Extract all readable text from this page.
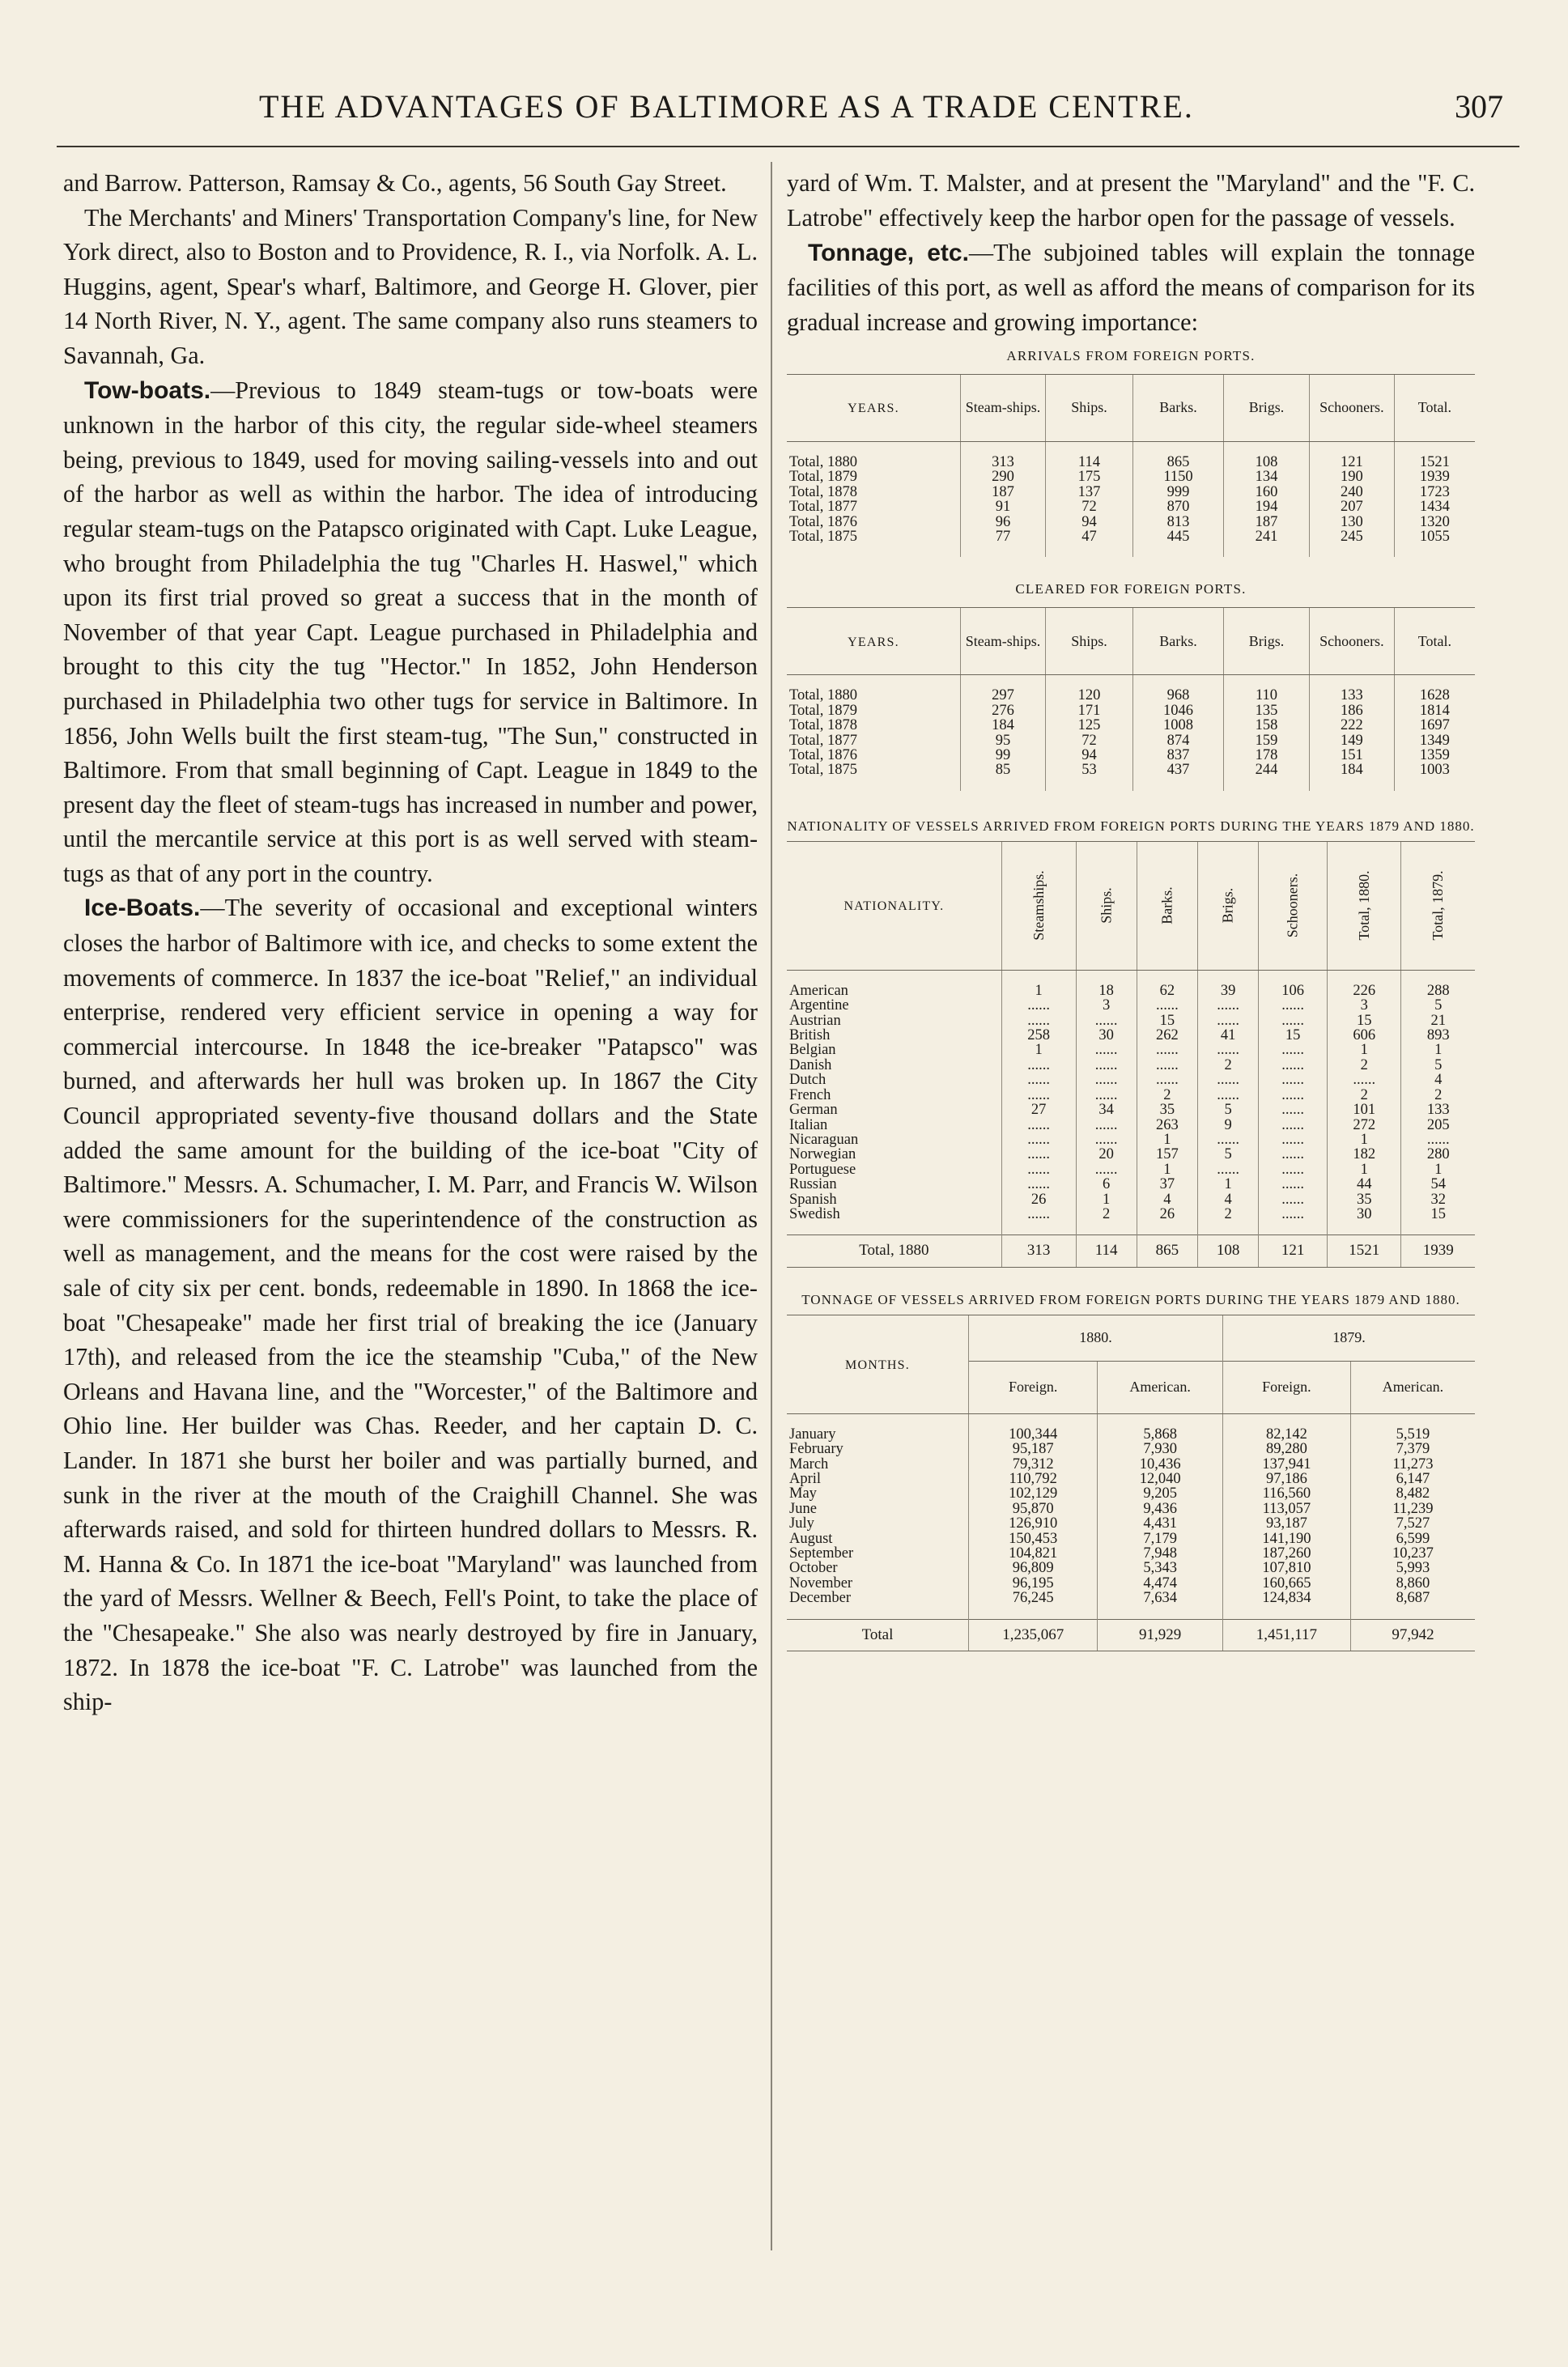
THE ADVANTAGES OF BALTIMORE AS A TRADE CENTRE.	307

and Barrow. Patterson, Ramsay & Co., agents, 56 South Gay Street.

The Merchants' and Miners' Transportation Company's line, for New York direct, also to Boston and to Providence, R. I., via Norfolk. A. L. Huggins, agent, Spear's wharf, Baltimore, and George H. Glover, pier 14 North River, N. Y., agent. The same company also runs steamers to Savannah, Ga.

Tow-boats.—Previous to 1849 steam-tugs or tow-boats were unknown in the harbor of this city, the regular side-wheel steamers being, previous to 1849, used for moving sailing-vessels into and out of the harbor as well as within the harbor. The idea of introducing regular steam-tugs on the Patapsco originated with Capt. Luke League, who brought from Philadelphia the tug "Charles H. Haswel," which upon its first trial proved so great a success that in the month of November of that year Capt. League purchased in Philadelphia and brought to this city the tug "Hector." In 1852, John Henderson purchased in Philadelphia two other tugs for service in Baltimore. In 1856, John Wells built the first steam-tug, "The Sun," constructed in Baltimore. From that small beginning of Capt. League in 1849 to the present day the fleet of steam-tugs has increased in number and power, until the mercantile service at this port is as well served with steam-tugs as that of any port in the country.

Ice-Boats.—The severity of occasional and exceptional winters closes the harbor of Baltimore with ice, and checks to some extent the movements of commerce. In 1837 the ice-boat "Relief," an individual enterprise, rendered very efficient service in opening a way for commercial intercourse. In 1848 the ice-breaker "Patapsco" was burned, and afterwards her hull was broken up. In 1867 the City Council appropriated seventy-five thousand dollars and the State added the same amount for the building of the ice-boat "City of Baltimore." Messrs. A. Schumacher, I. M. Parr, and Francis W. Wilson were commissioners for the superintendence of the construction as well as management, and the means for the cost were raised by the sale of city six per cent. bonds, redeemable in 1890. In 1868 the ice-boat "Chesapeake" made her first trial of breaking the ice (January 17th), and released from the ice the steamship "Cuba," of the New Orleans and Havana line, and the "Worcester," of the Baltimore and Ohio line. Her builder was Chas. Reeder, and her captain D. C. Lander. In 1871 she burst her boiler and was partially burned, and sunk in the river at the mouth of the Craighill Channel. She was afterwards raised, and sold for thirteen hundred dollars to Messrs. R. M. Hanna & Co. In 1871 the ice-boat "Maryland" was launched from the yard of Messrs. Wellner & Beech, Fell's Point, to take the place of the "Chesapeake." She also was nearly destroyed by fire in January, 1872. In 1878 the ice-boat "F. C. Latrobe" was launched from the ship-

yard of Wm. T. Malster, and at present the "Maryland" and the "F. C. Latrobe" effectively keep the harbor open for the passage of vessels.

Tonnage, etc.—The subjoined tables will explain the tonnage facilities of this port, as well as afford the means of comparison for its gradual increase and growing importance:

ARRIVALS FROM FOREIGN PORTS.

YEARS.	Steam-ships.	Ships.	Barks.	Brigs.	Schooners.	Total.

Total, 1880	313	114	865	108	121	1521
Total, 1879	290	175	1150	134	190	1939
Total, 1878	187	137	999	160	240	1723
Total, 1877	91	72	870	194	207	1434
Total, 1876	96	94	813	187	130	1320
Total, 1875	77	47	445	241	245	1055

CLEARED FOR FOREIGN PORTS.

YEARS.	Steam-ships.	Ships.	Barks.	Brigs.	Schooners.	Total.

Total, 1880	297	120	968	110	133	1628
Total, 1879	276	171	1046	135	186	1814
Total, 1878	184	125	1008	158	222	1697
Total, 1877	95	72	874	159	149	1349
Total, 1876	99	94	837	178	151	1359
Total, 1875	85	53	437	244	184	1003

NATIONALITY OF VESSELS ARRIVED FROM FOREIGN PORTS DURING THE YEARS 1879 AND 1880.

NATIONALITY.	Steamships.	Ships.	Barks.	Brigs.	Schooners.	Total, 1880.	Total, 1879.

American	1	18	62	39	106	226	288
Argentine	......	3	......	......	......	3	5
Austrian	......	......	15	......	......	15	21
British	258	30	262	41	15	606	893
Belgian	1	......	......	......	......	1	1
Danish	......	......	......	2	......	2	5
Dutch	......	......	......	......	......	......	4
French	......	......	2	......	......	2	2
German	27	34	35	5	......	101	133
Italian	......	......	263	9	......	272	205
Nicaraguan	......	......	1	......	......	1	......
Norwegian	......	20	157	5	......	182	280
Portuguese	......	......	1	......	......	1	1
Russian	......	6	37	1	......	44	54
Spanish	26	1	4	4	......	35	32
Swedish	......	2	26	2	......	30	15

Total, 1880	313	114	865	108	121	1521	1939

TONNAGE OF VESSELS ARRIVED FROM FOREIGN PORTS DURING THE YEARS 1879 AND 1880.

MONTHS.	1880.		1879.	
	Foreign.	American.	Foreign.	American.

January	100,344	5,868	82,142	5,519
February	95,187	7,930	89,280	7,379
March	79,312	10,436	137,941	11,273
April	110,792	12,040	97,186	6,147
May	102,129	9,205	116,560	8,482
June	95,870	9,436	113,057	11,239
July	126,910	4,431	93,187	7,527
August	150,453	7,179	141,190	6,599
September	104,821	7,948	187,260	10,237
October	96,809	5,343	107,810	5,993
November	96,195	4,474	160,665	8,860
December	76,245	7,634	124,834	8,687

Total	1,235,067	91,929	1,451,117	97,942
